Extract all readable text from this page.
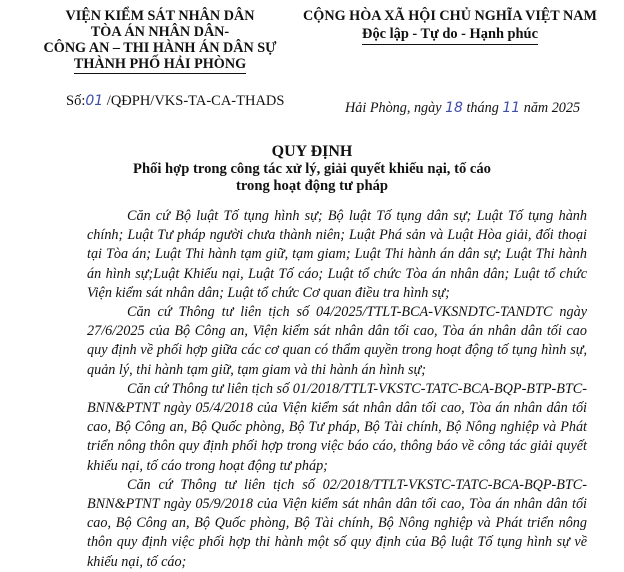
VIỆN KIỂM SÁT NHÂN DÂN
TÒA ÁN NHÂN DÂN-
CÔNG AN – THI HÀNH ÁN DÂN SỰ
THÀNH PHỐ HẢI PHÒNG
CỘNG HÒA XÃ HỘI CHỦ NGHĨA VIỆT NAM
Độc lập - Tự do - Hạnh phúc
Số:01 /QĐPH/VKS-TA-CA-THADS	Hải Phòng, ngày 18 tháng 11 năm 2025
QUY ĐỊNH
Phối hợp trong công tác xử lý, giải quyết khiếu nại, tố cáo
trong hoạt động tư pháp

Căn cứ Bộ luật Tố tụng hình sự; Bộ luật Tố tụng dân sự; Luật Tố tụng hành chính; Luật Tư pháp người chưa thành niên; Luật Phá sản và Luật Hòa giải, đối thoại tại Tòa án; Luật Thi hành tạm giữ, tạm giam; Luật Thi hành án dân sự; Luật Thi hành án hình sự;Luật Khiếu nại, Luật Tố cáo; Luật tổ chức Tòa án nhân dân; Luật tổ chức Viện kiểm sát nhân dân; Luật tổ chức Cơ quan điều tra hình sự;

Căn cứ Thông tư liên tịch số 04/2025/TTLT-BCA-VKSNDTC-TANDTC ngày 27/6/2025 của Bộ Công an, Viện kiểm sát nhân dân tối cao, Tòa án nhân dân tối cao quy định về phối hợp giữa các cơ quan có thẩm quyền trong hoạt động tố tụng hình sự, quản lý, thi hành tạm giữ, tạm giam và thi hành án hình sự;

Căn cứ Thông tư liên tịch số 01/2018/TTLT-VKSTC-TATC-BCA-BQP-BTP-BTC-BNN&PTNT ngày 05/4/2018 của Viện kiểm sát nhân dân tối cao, Tòa án nhân dân tối cao, Bộ Công an, Bộ Quốc phòng, Bộ Tư pháp, Bộ Tài chính, Bộ Nông nghiệp và Phát triển nông thôn quy định phối hợp trong việc báo cáo, thông báo về công tác giải quyết khiếu nại, tố cáo trong hoạt động tư pháp;

Căn cứ Thông tư liên tịch số 02/2018/TTLT-VKSTC-TATC-BCA-BQP-BTC-BNN&PTNT ngày 05/9/2018 của Viện kiểm sát nhân dân tối cao, Tòa án nhân dân tối cao, Bộ Công an, Bộ Quốc phòng, Bộ Tài chính, Bộ Nông nghiệp và Phát triển nông thôn quy định việc phối hợp thi hành một số quy định của Bộ luật Tố tụng hình sự về khiếu nại, tố cáo;
